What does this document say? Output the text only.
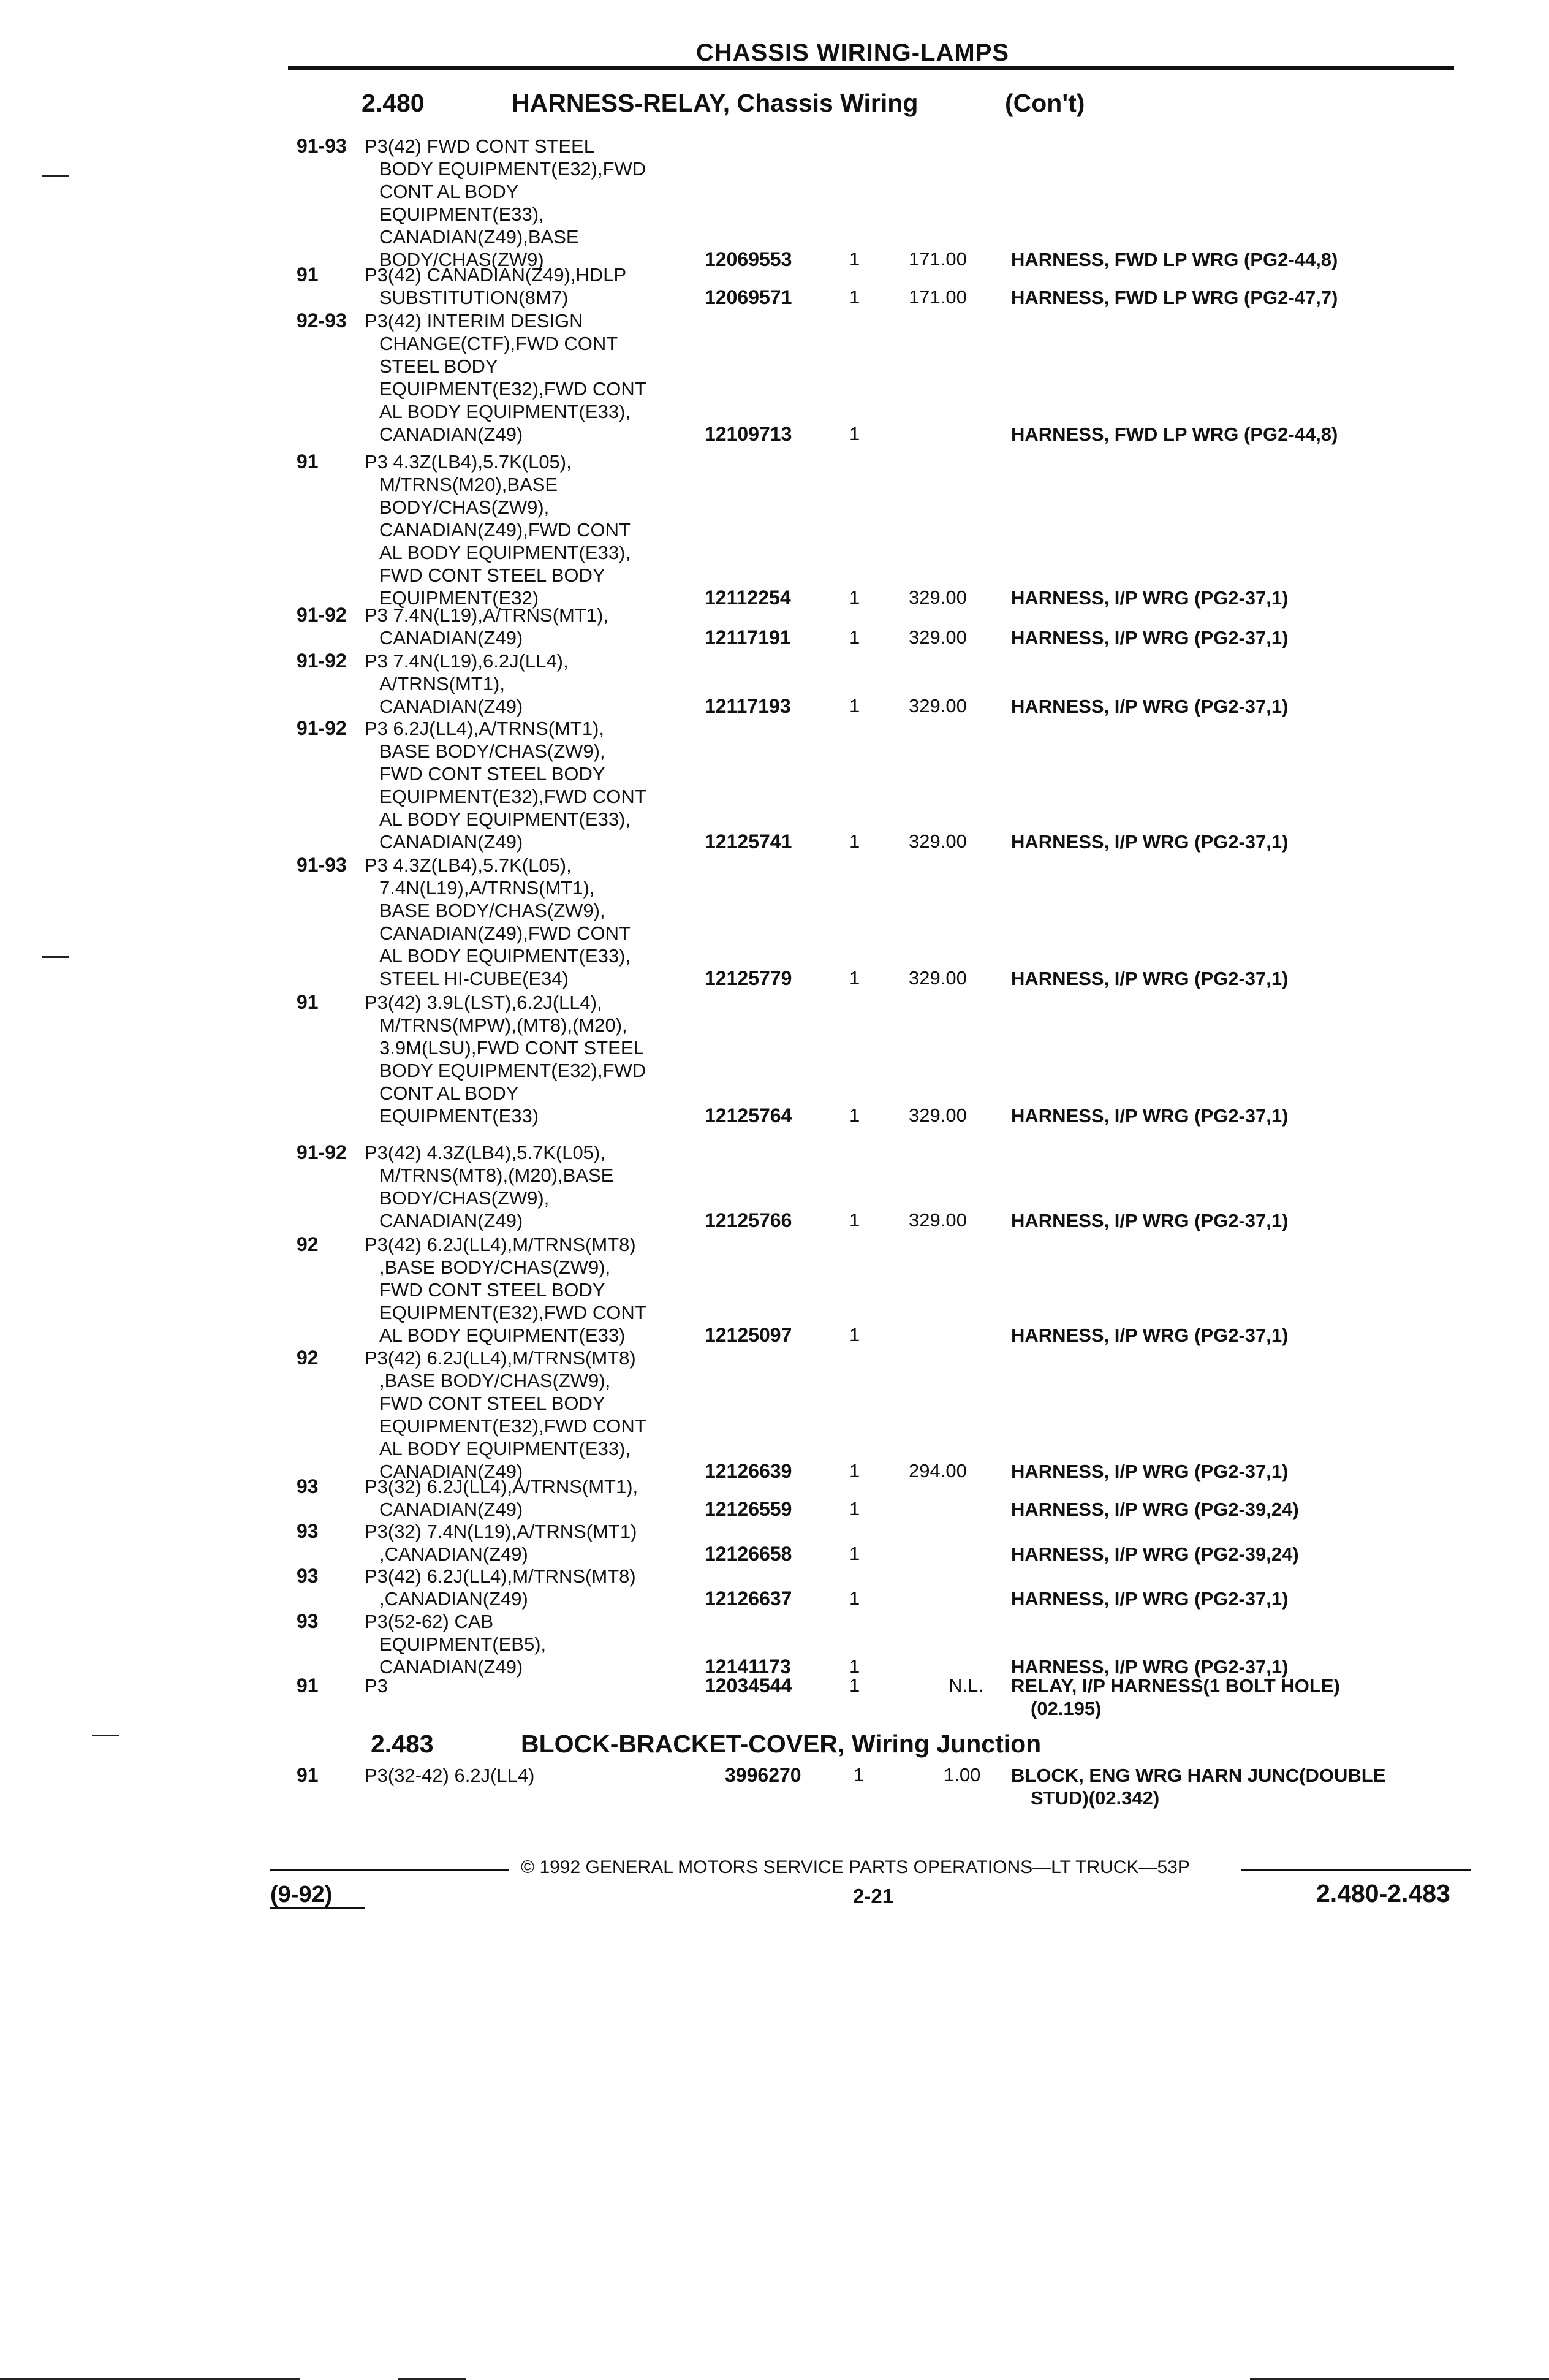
CHASSIS WIRING-LAMPS
2.480	HARNESS-RELAY, Chassis Wiring	(Con't)
91-93 P3(42) FWD CONT STEEL
BODY EQUIPMENT(E32),FWD
CONT AL BODY
EQUIPMENT(E33),
CANADIAN(Z49),BASE
BODY/CHAS(ZW9)	12069553	1	171.00 HARNESS, FWD LP WRG (PG2-44,8)
91 P3(42) CANADIAN(Z49),HDLP
SUBSTITUTION(8M7)	12069571	1	171.00 HARNESS, FWD LP WRG (PG2-47,7)
92-93 P3(42) INTERIM DESIGN
CHANGE(CTF),FWD CONT
STEEL BODY
EQUIPMENT(E32),FWD CONT
AL BODY EQUIPMENT(E33),
CANADIAN(Z49)	12109713	1	HARNESS, FWD LP WRG (PG2-44,8)
91 P3 4.3Z(LB4),5.7K(L05),
M/TRNS(M20),BASE
BODY/CHAS(ZW9),
CANADIAN(Z49),FWD CONT
AL BODY EQUIPMENT(E33),
FWD CONT STEEL BODY
EQUIPMENT(E32)	12112254	1	329.00 HARNESS, I/P WRG (PG2-37,1)
91-92 P3 7.4N(L19),A/TRNS(MT1),
CANADIAN(Z49)	12117191	1	329.00 HARNESS, I/P WRG (PG2-37,1)
91-92 P3 7.4N(L19),6.2J(LL4),
A/TRNS(MT1),
CANADIAN(Z49)	12117193	1	329.00 HARNESS, I/P WRG (PG2-37,1)
91-92 P3 6.2J(LL4),A/TRNS(MT1),
BASE BODY/CHAS(ZW9),
FWD CONT STEEL BODY
EQUIPMENT(E32),FWD CONT
AL BODY EQUIPMENT(E33),
CANADIAN(Z49)	12125741	1	329.00 HARNESS, I/P WRG (PG2-37,1)
91-93 P3 4.3Z(LB4),5.7K(L05),
7.4N(L19),A/TRNS(MT1),
BASE BODY/CHAS(ZW9),
CANADIAN(Z49),FWD CONT
AL BODY EQUIPMENT(E33),
STEEL HI-CUBE(E34)	12125779	1	329.00 HARNESS, I/P WRG (PG2-37,1)
91 P3(42) 3.9L(LST),6.2J(LL4),
M/TRNS(MPW),(MT8),(M20),
3.9M(LSU),FWD CONT STEEL
BODY EQUIPMENT(E32),FWD
CONT AL BODY
EQUIPMENT(E33)	12125764	1	329.00 HARNESS, I/P WRG (PG2-37,1)
91-92 P3(42) 4.3Z(LB4),5.7K(L05),
M/TRNS(MT8),(M20),BASE
BODY/CHAS(ZW9),
CANADIAN(Z49)	12125766	1	329.00 HARNESS, I/P WRG (PG2-37,1)
92 P3(42) 6.2J(LL4),M/TRNS(MT8)
,BASE BODY/CHAS(ZW9),
FWD CONT STEEL BODY
EQUIPMENT(E32),FWD CONT
AL BODY EQUIPMENT(E33)	12125097	1	HARNESS, I/P WRG (PG2-37,1)
92 P3(42) 6.2J(LL4),M/TRNS(MT8)
,BASE BODY/CHAS(ZW9),
FWD CONT STEEL BODY
EQUIPMENT(E32),FWD CONT
AL BODY EQUIPMENT(E33),
CANADIAN(Z49)	12126639	1	294.00 HARNESS, I/P WRG (PG2-37,1)
93 P3(32) 6.2J(LL4),A/TRNS(MT1),
CANADIAN(Z49)	12126559	1	HARNESS, I/P WRG (PG2-39,24)
93 P3(32) 7.4N(L19),A/TRNS(MT1)
,CANADIAN(Z49)	12126658	1	HARNESS, I/P WRG (PG2-39,24)
93 P3(42) 6.2J(LL4),M/TRNS(MT8)
,CANADIAN(Z49)	12126637	1	HARNESS, I/P WRG (PG2-37,1)
93 P3(52-62) CAB
EQUIPMENT(EB5),
CANADIAN(Z49)	12141173	1	HARNESS, I/P WRG (PG2-37,1)
91 P3	12034544	1	N.L. RELAY, I/P HARNESS(1 BOLT HOLE)
(02.195)
2.483	BLOCK-BRACKET-COVER, Wiring Junction
91 P3(32-42) 6.2J(LL4)	3996270	1	1.00 BLOCK, ENG WRG HARN JUNC(DOUBLE
STUD)(02.342)
© 1992 GENERAL MOTORS SERVICE PARTS OPERATIONS—LT TRUCK—53P
(9-92)	2-21	2.480-2.483
